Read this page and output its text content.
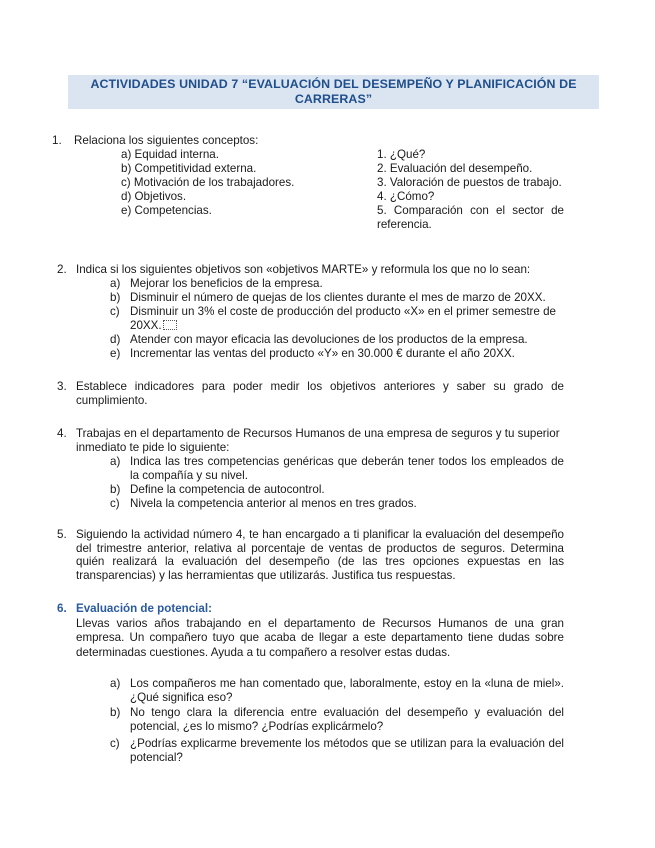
ACTIVIDADES UNIDAD 7 “EVALUACIÓN DEL DESEMPEÑO Y PLANIFICACIÓN DE CARRERAS”
1. Relaciona los siguientes conceptos:
a) Equidad interna.
b) Competitividad externa.
c) Motivación de los trabajadores.
d) Objetivos.
e) Competencias.
1. ¿Qué?
2. Evaluación del desempeño.
3. Valoración de puestos de trabajo.
4. ¿Cómo?
5. Comparación con el sector de referencia.
2. Indica si los siguientes objetivos son «objetivos MARTE» y reformula los que no lo sean:
a) Mejorar los beneficios de la empresa.
b) Disminuir el número de quejas de los clientes durante el mes de marzo de 20XX.
c) Disminuir un 3% el coste de producción del producto «X» en el primer semestre de 20XX.
d) Atender con mayor eficacia las devoluciones de los productos de la empresa.
e) Incrementar las ventas del producto «Y» en 30.000 € durante el año 20XX.
3. Establece indicadores para poder medir los objetivos anteriores y saber su grado de cumplimiento.
4. Trabajas en el departamento de Recursos Humanos de una empresa de seguros y tu superior inmediato te pide lo siguiente:
a) Indica las tres competencias genéricas que deberán tener todos los empleados de la compañía y su nivel.
b) Define la competencia de autocontrol.
c) Nivela la competencia anterior al menos en tres grados.
5. Siguiendo la actividad número 4, te han encargado a ti planificar la evaluación del desempeño del trimestre anterior, relativa al porcentaje de ventas de productos de seguros. Determina quién realizará la evaluación del desempeño (de las tres opciones expuestas en las transparencias) y las herramientas que utilizarás. Justifica tus respuestas.
6. Evaluación de potencial:
Llevas varios años trabajando en el departamento de Recursos Humanos de una gran empresa. Un compañero tuyo que acaba de llegar a este departamento tiene dudas sobre determinadas cuestiones. Ayuda a tu compañero a resolver estas dudas.
a) Los compañeros me han comentado que, laboralmente, estoy en la «luna de miel». ¿Qué significa eso?
b) No tengo clara la diferencia entre evaluación del desempeño y evaluación del potencial, ¿es lo mismo? ¿Podrías explicármelo?
c) ¿Podrías explicarme brevemente los métodos que se utilizan para la evaluación del potencial?
